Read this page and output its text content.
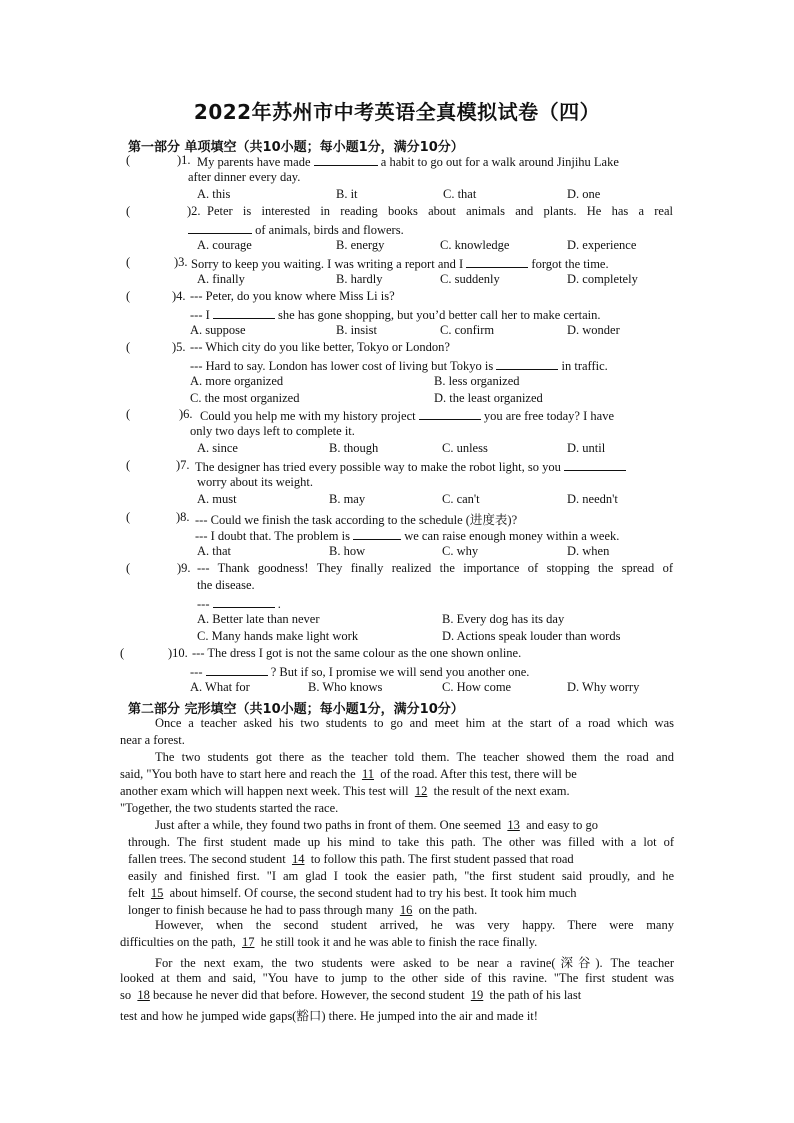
2022年苏州市中考英语全真模拟试卷（四）
第一部分 单项填空（共10小题；每小题1分，满分10分）
(	)1. My parents have made	a habit to go out for a walk around Jinjihu Lake
after dinner every day.
A. this	B. it	C. that	D. one
(	)2. Peter is interested in reading books about animals and plants. He has a real
of animals, birds and flowers.
A. courage	B. energy	C. knowledge	D. experience
(	)3. Sorry to keep you waiting. I was writing a report and I	forgot the time.
A. finally	B. hardly	C. suddenly	D. completely
(	)4. --- Peter, do you know where Miss Li is?
--- I	she has gone shopping, but you’d better call her to make certain.
A. suppose	B. insist	C. confirm	D. wonder
(	)5. --- Which city do you like better, Tokyo or London?
--- Hard to say. London has lower cost of living but Tokyo is	in traffic.
A. more organized	B. less organized
C. the most organized	D. the least organized
(	)6. Could you help me with my history project	you are free today? I have
only two days left to complete it.
A. since	B. though	C. unless	D. until
(	)7. The designer has tried every possible way to make the robot light, so you
worry about its weight.
A. must	B. may	C. can't	D. needn't
(	)8. --- Could we finish the task according to the schedule (进度表)?
--- I doubt that. The problem is	we can raise enough money within a week.
A. that	B. how	C. why	D. when
(	)9. --- Thank goodness! They finally realized the importance of stopping the spread of
the disease.
---	.
A. Better late than never	B. Every dog has its day
C. Many hands make light work	D. Actions speak louder than words
(	)10. --- The dress I got is not the same colour as the one shown online.
---	? But if so, I promise we will send you another one.
A. What for	B. Who knows	C. How come	D. Why worry
第二部分 完形填空（共10小题；每小题1分，满分10分）
Once a teacher asked his two students to go and meet him at the start of a road which was
near a forest.
The two students got there as the teacher told them. The teacher showed them the road and
said, "You both have to start here and reach the 11 of the road. After this test, there will be
another exam which will happen next week. This test will 12 the result of the next exam.
"Together, the two students started the race.
Just after a while, they found two paths in front of them. One seemed 13 and easy to go
through. The first student made up his mind to take this path. The other was filled with a lot of
fallen trees. The second student 14 to follow this path. The first student passed that road
easily and finished first. "I am glad I took the easier path, "the first student said proudly, and he
felt 15 about himself. Of course, the second student had to try his best. It took him much
longer to finish because he had to pass through many 16 on the path.
However, when the second student arrived, he was very happy. There were many
difficulties on the path, 17 he still took it and he was able to finish the race finally.
For the next exam, the two students were asked to be near a ravine(深谷). The teacher
looked at them and said, "You have to jump to the other side of this ravine. "The first student was
so 18 because he never did that before. However, the second student 19 the path of his last
test and how he jumped wide gaps(豁口) there. He jumped into the air and made it!
